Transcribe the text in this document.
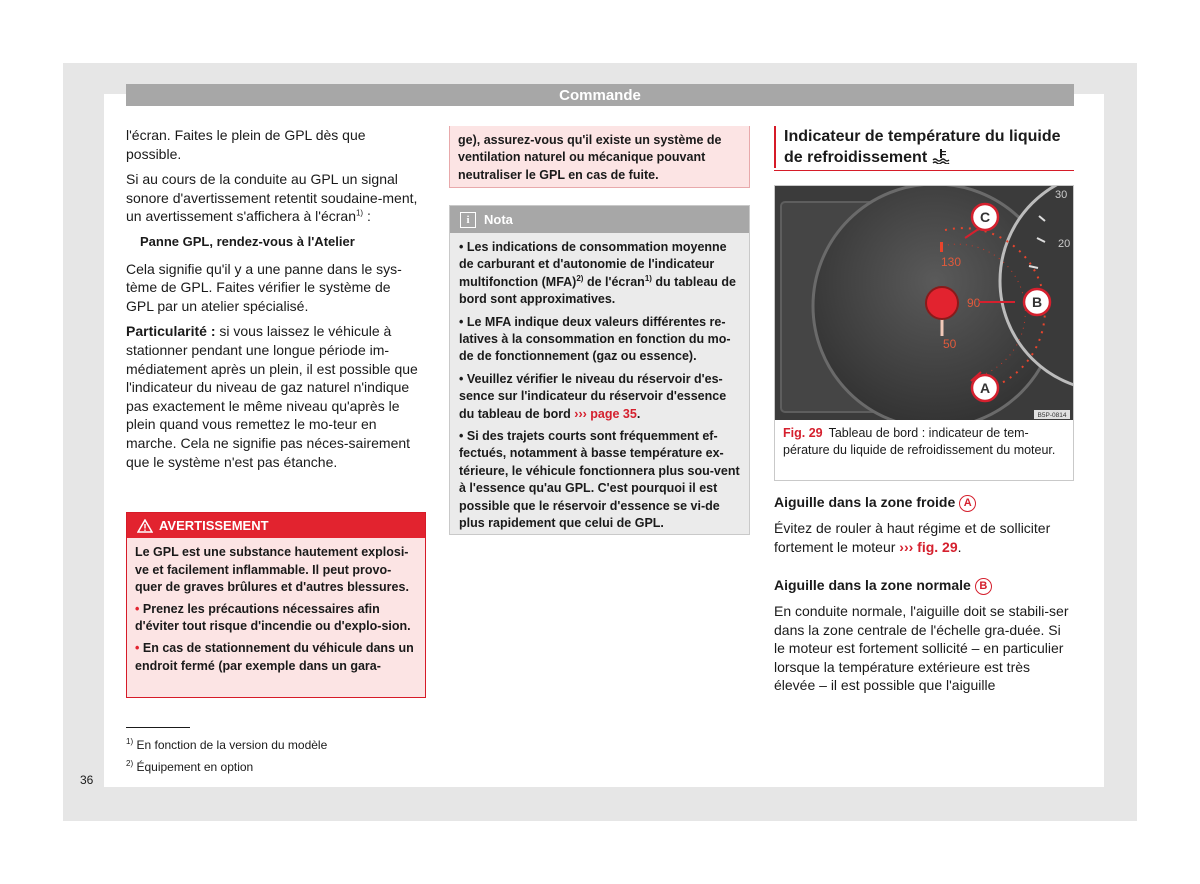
Commande

l'écran. Faites le plein de GPL dès que possible.

Si au cours de la conduite au GPL un signal sonore d'avertissement retentit soudaine-ment, un avertissement s'affichera à l'écran$^{1)}$ :

Panne GPL, rendez-vous à l'Atelier

Cela signifie qu'il y a une panne dans le sys-tème de GPL. Faites vérifier le système de GPL par un atelier spécialisé.

Particularité : si vous laissez le véhicule à stationner pendant une longue période im-médiatement après un plein, il est possible que l'indicateur du niveau de gaz naturel n'indique pas exactement le même niveau qu'après le plein quand vous remettez le mo-teur en marche. Cela ne signifie pas néces-sairement que le système n'est pas étanche.

AVERTISSEMENT

Le GPL est une substance hautement explosi-ve et facilement inflammable. Il peut provo-quer de graves brûlures et d'autres blessures.

• Prenez les précautions nécessaires afin d'éviter tout risque d'incendie ou d'explo-sion.

• En cas de stationnement du véhicule dans un endroit fermé (par exemple dans un gara-

ge), assurez-vous qu'il existe un système de ventilation naturel ou mécanique pouvant neutraliser le GPL en cas de fuite.
i	Nota

• Les indications de consommation moyenne de carburant et d'autonomie de l'indicateur multifonction (MFA)$^{2)}$ de l'écran$^{1)}$ du tableau de bord sont approximatives.

• Le MFA indique deux valeurs différentes re-latives à la consommation en fonction du mo-de de fonctionnement (gaz ou essence).

• Veuillez vérifier le niveau du réservoir d'es-sence sur l'indicateur du réservoir d'essence du tableau de bord ››› page 35.

• Si des trajets courts sont fréquemment ef-fectués, notamment à basse température ex-térieure, le véhicule fonctionnera plus sou-vent à l'essence qu'au GPL. C'est pourquoi il est possible que le réservoir d'essence se vi-de plus rapidement que celui de GPL.

Indicateur de température du liquide de refroidissement
30
20
130
90
50
C
B
A
B5P-0814
Fig. 29 Tableau de bord : indicateur de tem-pérature du liquide de refroidissement du moteur.
Aiguille dans la zone froide A
Évitez de rouler à haut régime et de solliciter fortement le moteur ››› fig. 29.
Aiguille dans la zone normale B
En conduite normale, l'aiguille doit se stabili-ser dans la zone centrale de l'échelle gra-duée. Si le moteur est fortement sollicité – en particulier lorsque la température extérieure est très élevée – il est possible que l'aiguille
$^{1)}$ En fonction de la version du modèle
$^{2)}$ Équipement en option
36
